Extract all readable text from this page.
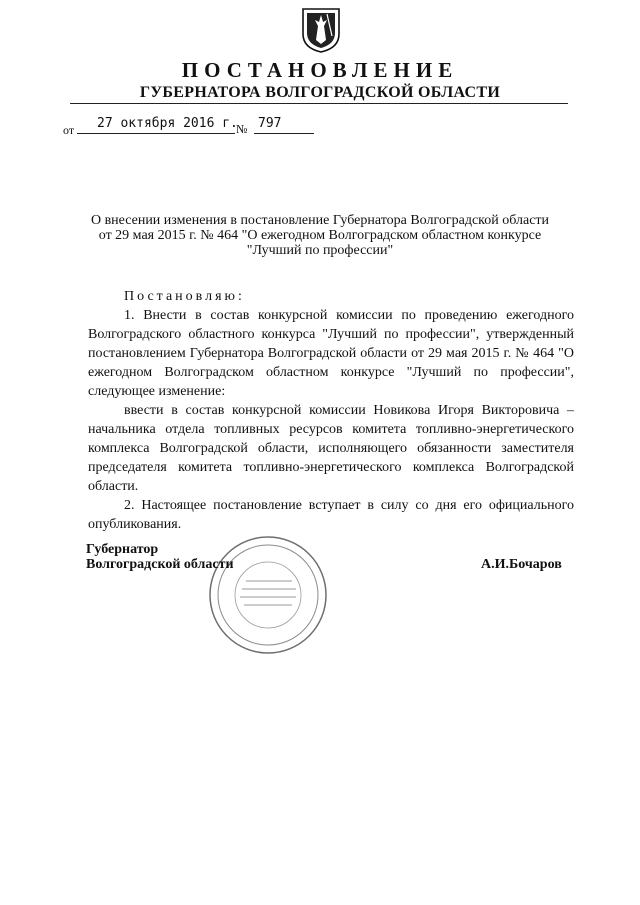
ПОСТАНОВЛЕНИЕ
ГУБЕРНАТОРА ВОЛГОГРАДСКОЙ ОБЛАСТИ
от	27 октября 2016 г.
№ 797
О внесении изменения в постановление Губернатора Волгоградской области
от 29 мая 2015 г. № 464 "О ежегодном Волгоградском областном конкурсе
"Лучший по профессии"
Постановляю:

1. Внести в состав конкурсной комиссии по проведению ежегодного Волгоградского областного конкурса "Лучший по профессии", утвержденный постановлением Губернатора Волгоградской области от 29 мая 2015 г. № 464 "О ежегодном Волгоградском областном конкурсе "Лучший по профессии", следующее изменение:

ввести в состав конкурсной комиссии Новикова Игоря Викторовича – начальника отдела топливных ресурсов комитета топливно-энергетического комплекса Волгоградской области, исполняющего обязанности заместителя председателя комитета топливно-энергетического комплекса Волгоградской области.

2. Настоящее постановление вступает в силу со дня его официального опубликования.

Губернатор
Волгоградской области	А.И.Бочаров
